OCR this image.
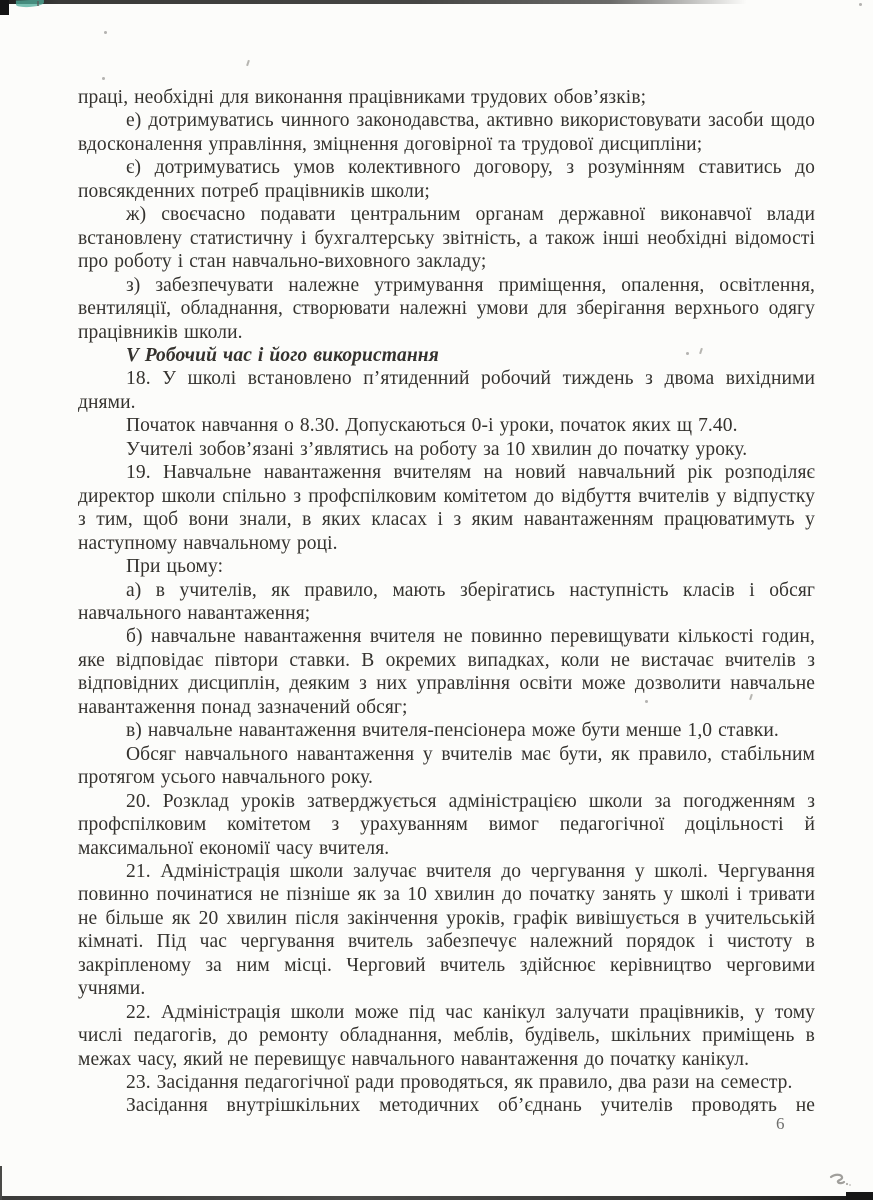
праці, необхідні для виконання працівниками трудових обов’язків;

е) дотримуватись чинного законодавства, активно використовувати засоби щодо вдосконалення управління, зміцнення договірної та трудової дисципліни;

є) дотримуватись умов колективного договору, з розумінням ставитись до повсякденних потреб працівників школи;

ж) своєчасно подавати центральним органам державної виконавчої влади встановлену статистичну і бухгалтерську звітність, а також інші необхідні відомості про роботу і стан навчально-виховного закладу;

з) забезпечувати належне утримування приміщення, опалення, освітлення, вентиляції, обладнання, створювати належні умови для зберігання верхнього одягу працівників школи.

V Робочий час і його використання

18. У школі встановлено п’ятиденний робочий тиждень з двома вихідними днями.

Початок навчання о 8.30. Допускаються 0-і уроки, початок яких щ 7.40.

Учителі зобов’язані з’являтись на роботу за 10 хвилин до початку уроку.

19. Навчальне навантаження вчителям на новий навчальний рік розподіляє директор школи спільно з профспілковим комітетом до відбуття вчителів у відпустку з тим, щоб вони знали, в яких класах і з яким навантаженням працюватимуть у наступному навчальному році.

При цьому:

а) в учителів, як правило, мають зберігатись наступність класів і обсяг навчального навантаження;

б) навчальне навантаження вчителя не повинно перевищувати кількості годин, яке відповідає півтори ставки. В окремих випадках, коли не вистачає вчителів з відповідних дисциплін, деяким з них управління освіти може дозволити навчальне навантаження понад зазначений обсяг;

в) навчальне навантаження вчителя-пенсіонера може бути менше 1,0 ставки.

Обсяг навчального навантаження у вчителів має бути, як правило, стабільним протягом усього навчального року.

20. Розклад уроків затверджується адміністрацією школи за погодженням з профспілковим комітетом з урахуванням вимог педагогічної доцільності й максимальної економії часу вчителя.

21. Адміністрація школи залучає вчителя до чергування у школі. Чергування повинно починатися не пізніше як за 10 хвилин до початку занять у школі і тривати не більше як 20 хвилин після закінчення уроків, графік вивішується в учительській кімнаті. Під час чергування вчитель забезпечує належний порядок і чистоту в закріпленому за ним місці. Черговий вчитель здійснює керівництво черговими учнями.

22. Адміністрація школи може під час канікул залучати працівників, у тому числі педагогів, до ремонту обладнання, меблів, будівель, шкільних приміщень в межах часу, який не перевищує навчального навантаження до початку канікул.

23. Засідання педагогічної ради проводяться, як правило, два рази на семестр.

Засідання внутрішкільних методичних об’єднань учителів проводять не

6
